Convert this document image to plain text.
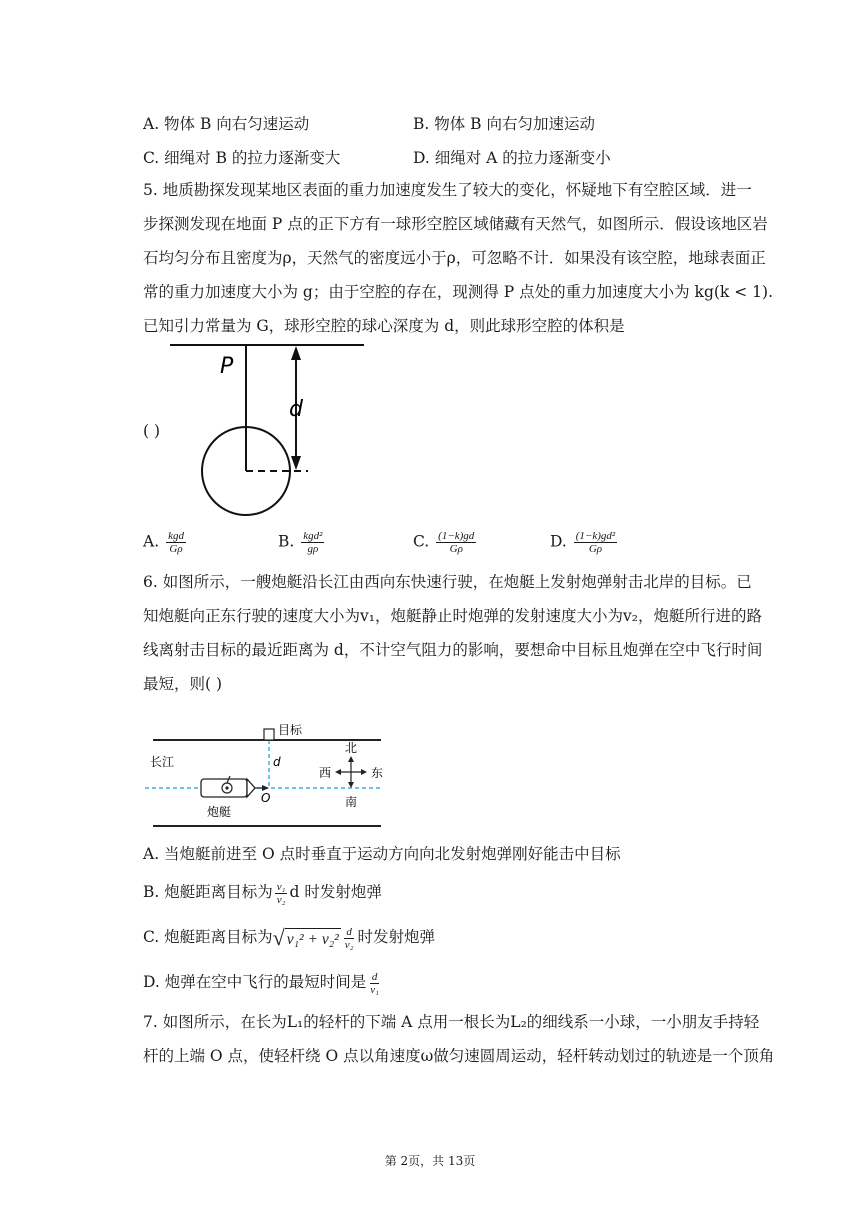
A. 物体 B 向右匀速运动	B. 物体 B 向右匀加速运动
C. 细绳对 B 的拉力逐渐变大	D. 细绳对 A 的拉力逐渐变小
5. 地质勘探发现某地区表面的重力加速度发生了较大的变化，怀疑地下有空腔区域．进一
步探测发现在地面 P 点的正下方有一球形空腔区域储藏有天然气，如图所示．假设该地区岩
石均匀分布且密度为ρ，天然气的密度远小于ρ，可忽略不计．如果没有该空腔，地球表面正
常的重力加速度大小为 g；由于空腔的存在，现测得 P 点处的重力加速度大小为 kg(k < 1).
已知引力常量为 G，球形空腔的球心深度为 d，则此球形空腔的体积是
( )
P
d
A. $\frac{\text{kgd}}{G\rho}$	B. $\frac{\text{kgd²}}{g\rho}$	C. $\frac{(1-k)gd}{G\rho}$	D. $\frac{\text{(1−k)gd²}}{G\rho}$
6. 如图所示，一艘炮艇沿长江由西向东快速行驶，在炮艇上发射炮弹射击北岸的目标。已
知炮艇向正东行驶的速度大小为v₁，炮艇静止时炮弹的发射速度大小为v₂，炮艇所行进的路
线离射击目标的最近距离为 d，不计空气阻力的影响，要想命中目标且炮弹在空中飞行时间
最短，则( )
目标
长江	d
炮艇
O
北
南
西	东
A. 当炮艇前进至 O 点时垂直于运动方向向北发射炮弹刚好能击中目标
B. 炮艇距离目标为 $\frac{\text{v₁}}{\text{v₂}}$ d 时发射炮弹
C. 炮艇距离目标为 √ $v_1^2 + v_2^2 \frac{d}{\text{v₂}}$ 时发射炮弹
D. 炮弹在空中飞行的最短时间是 $\frac{d}{\text{v₁}}$
7. 如图所示，在长为L₁的轻杆的下端 A 点用一根长为L₂的细线系一小球，一小朋友手持轻
杆的上端 O 点，使轻杆绕 O 点以角速度ω做匀速圆周运动，轻杆转动划过的轨迹是一个顶角
第 2页，共 13页
